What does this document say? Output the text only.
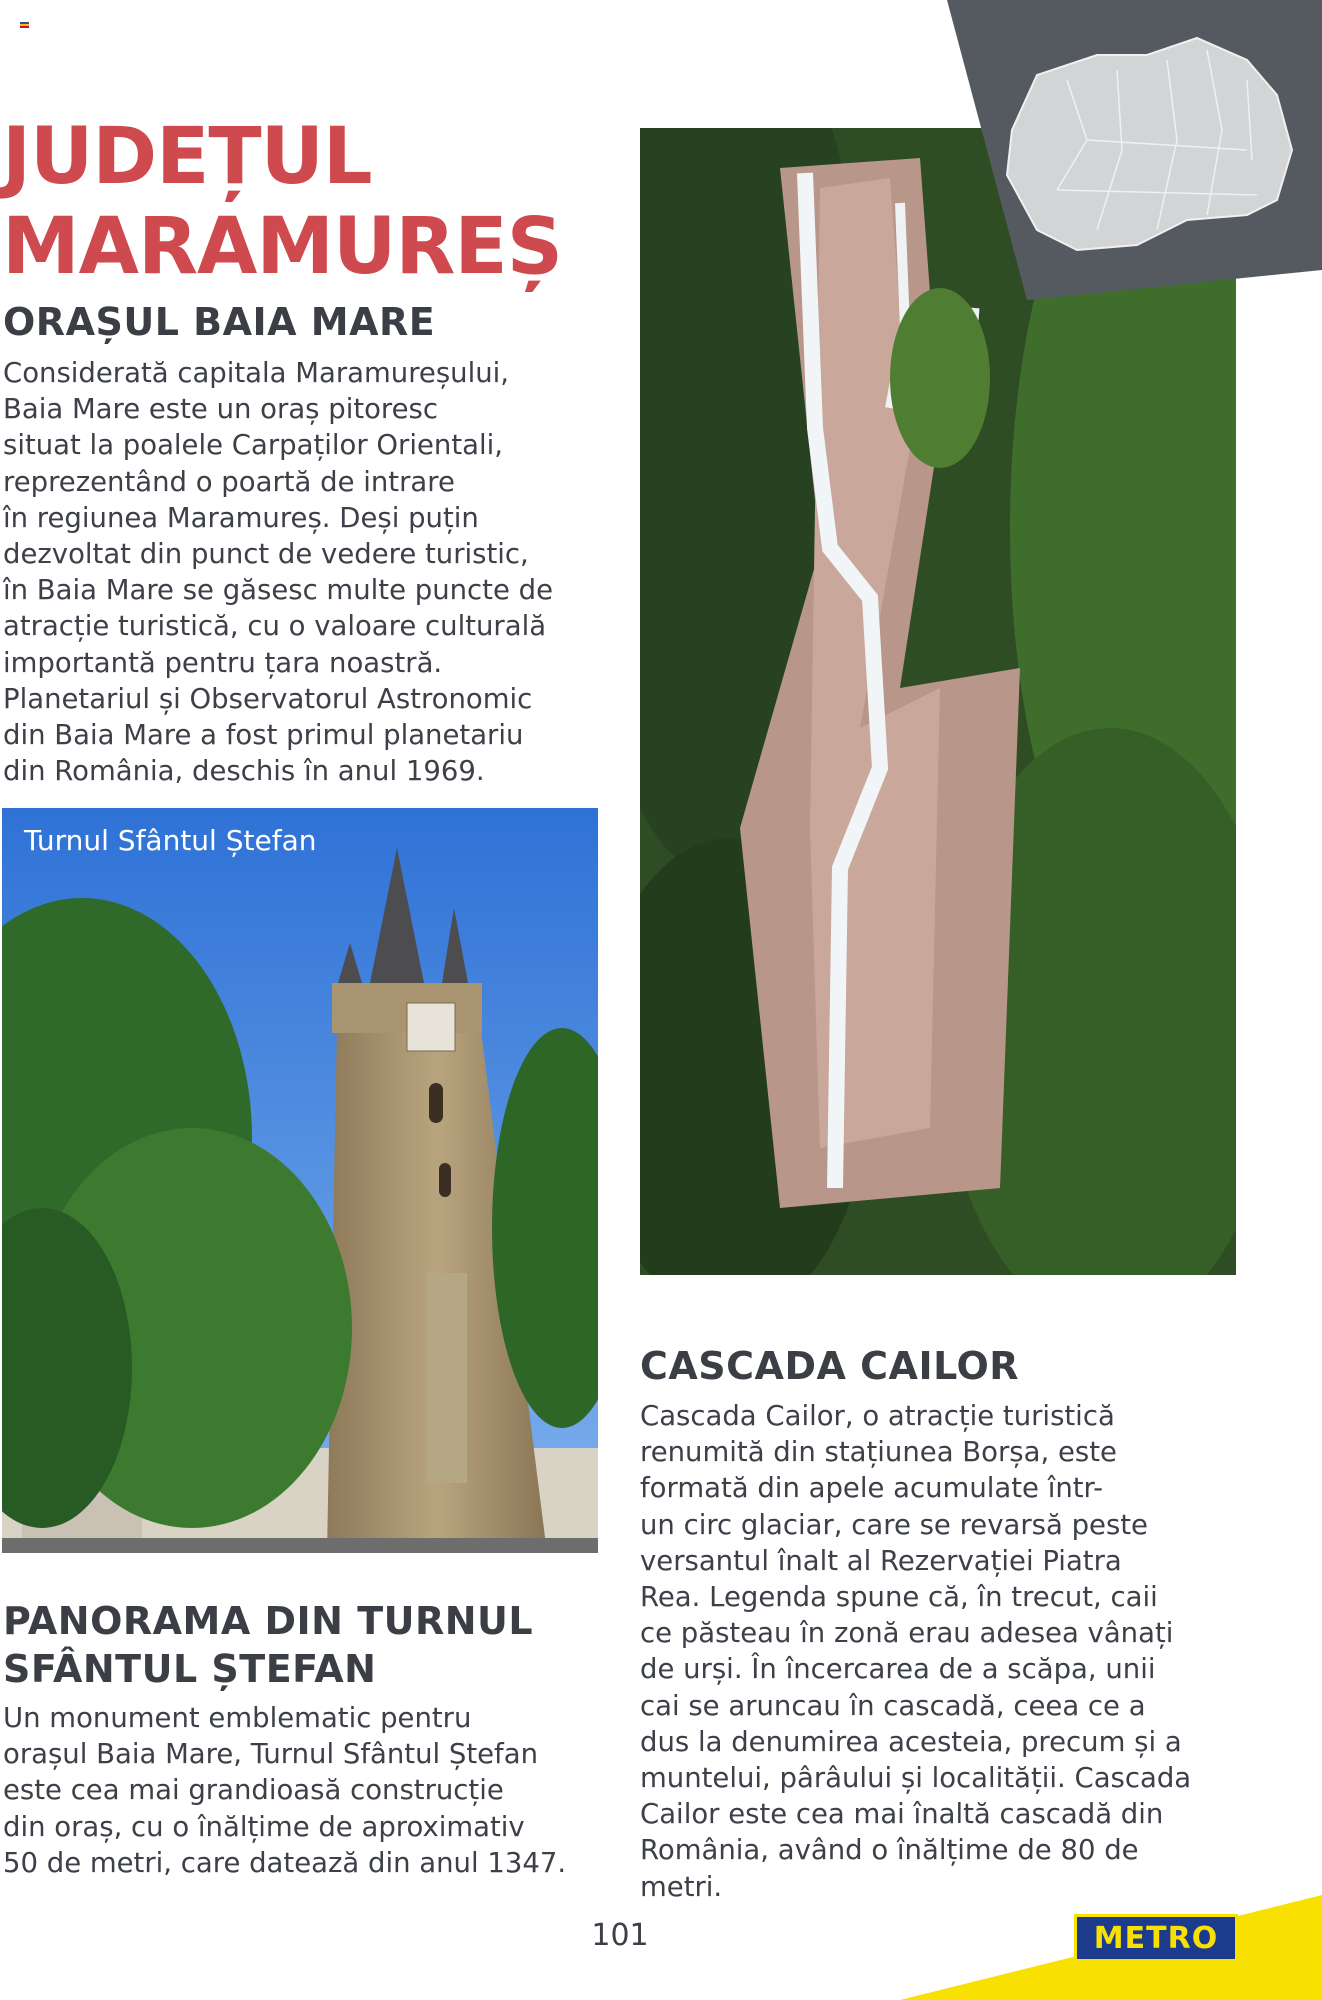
JUDEȚUL
MARAMUREȘ
ORAȘUL BAIA MARE
Considerată capitala Maramureșului,
Baia Mare este un oraș pitoresc
situat la poalele Carpaților Orientali,
reprezentând o poartă de intrare
în regiunea Maramureș. Deși puțin
dezvoltat din punct de vedere turistic,
în Baia Mare se găsesc multe puncte de
atracție turistică, cu o valoare culturală
importantă pentru țara noastră.
Planetariul și Observatorul Astronomic
din Baia Mare a fost primul planetariu
din România, deschis în anul 1969.
Turnul Sfântul Ștefan
PANORAMA DIN TURNUL
SFÂNTUL ȘTEFAN
Un monument emblematic pentru
orașul Baia Mare, Turnul Sfântul Ștefan
este cea mai grandioasă construcție
din oraș, cu o înălțime de aproximativ
50 de metri, care datează din anul 1347.
CASCADA CAILOR
Cascada Cailor, o atracție turistică
renumită din stațiunea Borșa, este
formată din apele acumulate într-
un circ glaciar, care se revarsă peste
versantul înalt al Rezervației Piatra
Rea. Legenda spune că, în trecut, caii
ce păsteau în zonă erau adesea vânați
de urși. În încercarea de a scăpa, unii
cai se aruncau în cascadă, ceea ce a
dus la denumirea acesteia, precum și a
muntelui, pârâului și localității. Cascada
Cailor este cea mai înaltă cascadă din
România, având o înălțime de 80 de
metri.
101	METRO
